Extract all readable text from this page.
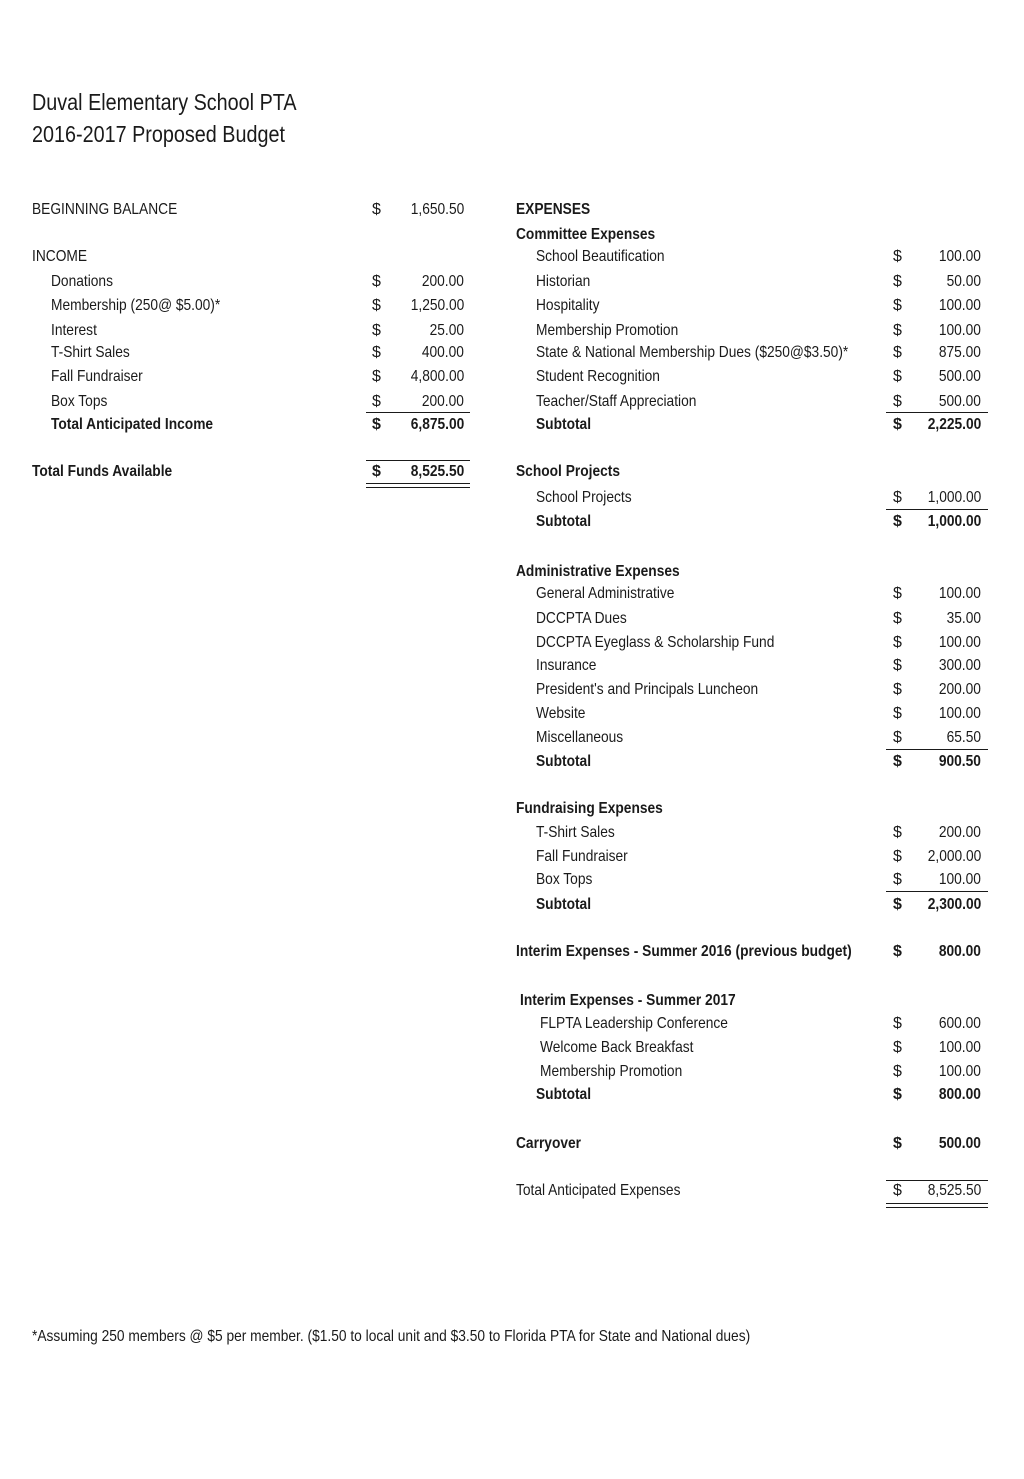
Duval Elementary School PTA
2016-2017 Proposed Budget
BEGINNING BALANCE	$ 1,650.50
INCOME
Donations	$	200.00
Membership (250@ $5.00)*	$ 1,250.00
Interest	$	25.00
T-Shirt Sales	$	400.00
Fall Fundraiser	$ 4,800.00
Box Tops	$	200.00
Total Anticipated Income	$ 6,875.00
Total Funds Available	$ 8,525.50
EXPENSES
Committee Expenses
School Beautification	$ 100.00
Historian	$	50.00
Hospitality	$ 100.00
Membership Promotion	$ 100.00
State & National Membership Dues ($250@$3.50)*	$ 875.00
Student Recognition	$ 500.00
Teacher/Staff Appreciation	$ 500.00
Subtotal	$ 2,225.00
School Projects
School Projects	$ 1,000.00
Subtotal	$ 1,000.00
Administrative Expenses
General Administrative	$ 100.00
DCCPTA Dues	$	35.00
DCCPTA Eyeglass & Scholarship Fund	$ 100.00
Insurance	$ 300.00
President's and Principals Luncheon	$ 200.00
Website	$ 100.00
Miscellaneous	$	65.50
Subtotal	$ 900.50
Fundraising Expenses
T-Shirt Sales	$ 200.00
Fall Fundraiser	$ 2,000.00
Box Tops	$ 100.00
Subtotal	$ 2,300.00
Interim Expenses - Summer 2016 (previous budget)	$ 800.00
Interim Expenses - Summer 2017
FLPTA Leadership Conference	$ 600.00
Welcome Back Breakfast	$ 100.00
Membership Promotion	$ 100.00
Subtotal	$ 800.00
Carryover	$ 500.00
Total Anticipated Expenses	$ 8,525.50
*Assuming 250 members @ $5 per member. ($1.50 to local unit and $3.50 to Florida PTA for State and National dues)
